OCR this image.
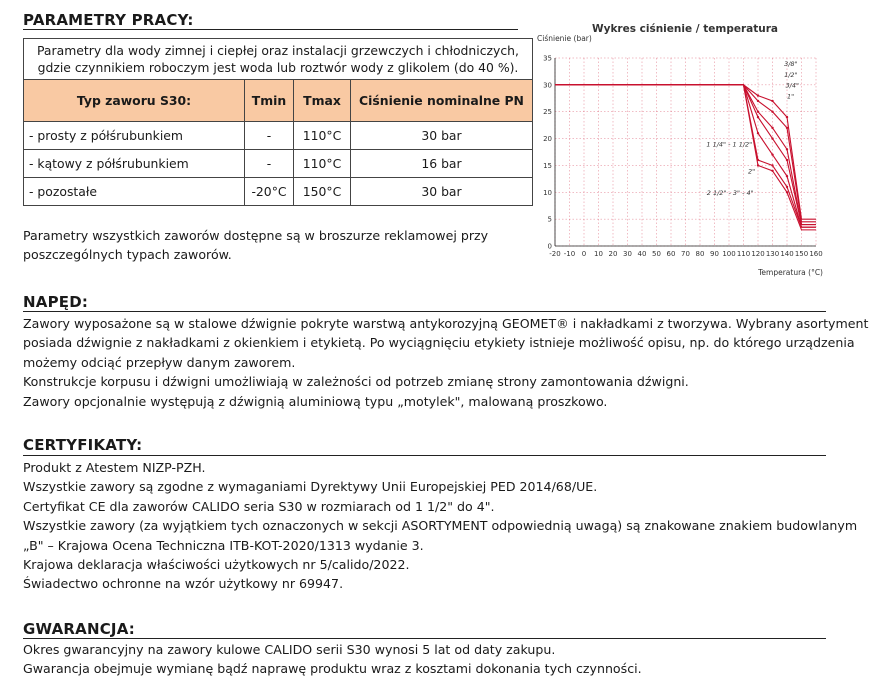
PARAMETRY PRACY:
Parametry dla wody zimnej i ciepłej oraz instalacji grzewczych i chłodniczych,
gdzie czynnikiem roboczym jest woda lub roztwór wody z glikolem (do 40 %).			

Typ zaworu S30:	Tmin	Tmax	Ciśnienie nominalne PN
- prosty z półśrubunkiem	-	110°C	30 bar
- kątowy z półśrubunkiem	-	110°C	16 bar
- pozostałe	-20°C	150°C	30 bar
Parametry wszystkich zaworów dostępne są w broszurze reklamowej przy
poszczególnych typach zaworów.
Wykres ciśnienie / temperatura
Ciśnienie (bar)
Temperatura (°C)
-20 -10 0 10 20 30 40 50 60 70 80 90 100 110 120 130 140 150 160
0
5
10
15
20
25
30
35
3/8"
1/2"
3/4"
1"
1 1/4" - 1 1/2"
2"
2 1/2" - 3" - 4"
NAPĘD:
Zawory wyposażone są w stalowe dźwignie pokryte warstwą antykorozyjną GEOMET® i nakładkami z tworzywa. Wybrany asortyment
posiada dźwignie z nakładkami z okienkiem i etykietą. Po wyciągnięciu etykiety istnieje możliwość opisu, np. do którego urządzenia
możemy odciąć przepływ danym zaworem.
Konstrukcje korpusu i dźwigni umożliwiają w zależności od potrzeb zmianę strony zamontowania dźwigni.
Zawory opcjonalnie występują z dźwignią aluminiową typu „motylek", malowaną proszkowo.
CERTYFIKATY:
Produkt z Atestem NIZP-PZH.
Wszystkie zawory są zgodne z wymaganiami Dyrektywy Unii Europejskiej PED 2014/68/UE.
Certyfikat CE dla zaworów CALIDO seria S30 w rozmiarach od 1 1/2" do 4".
Wszystkie zawory (za wyjątkiem tych oznaczonych w sekcji ASORTYMENT odpowiednią uwagą) są znakowane znakiem budowlanym
„B" – Krajowa Ocena Techniczna ITB-KOT-2020/1313 wydanie 3.
Krajowa deklaracja właściwości użytkowych nr 5/calido/2022.
Świadectwo ochronne na wzór użytkowy nr 69947.
GWARANCJA:
Okres gwarancyjny na zawory kulowe CALIDO serii S30 wynosi 5 lat od daty zakupu.
Gwarancja obejmuje wymianę bądź naprawę produktu wraz z kosztami dokonania tych czynności.
